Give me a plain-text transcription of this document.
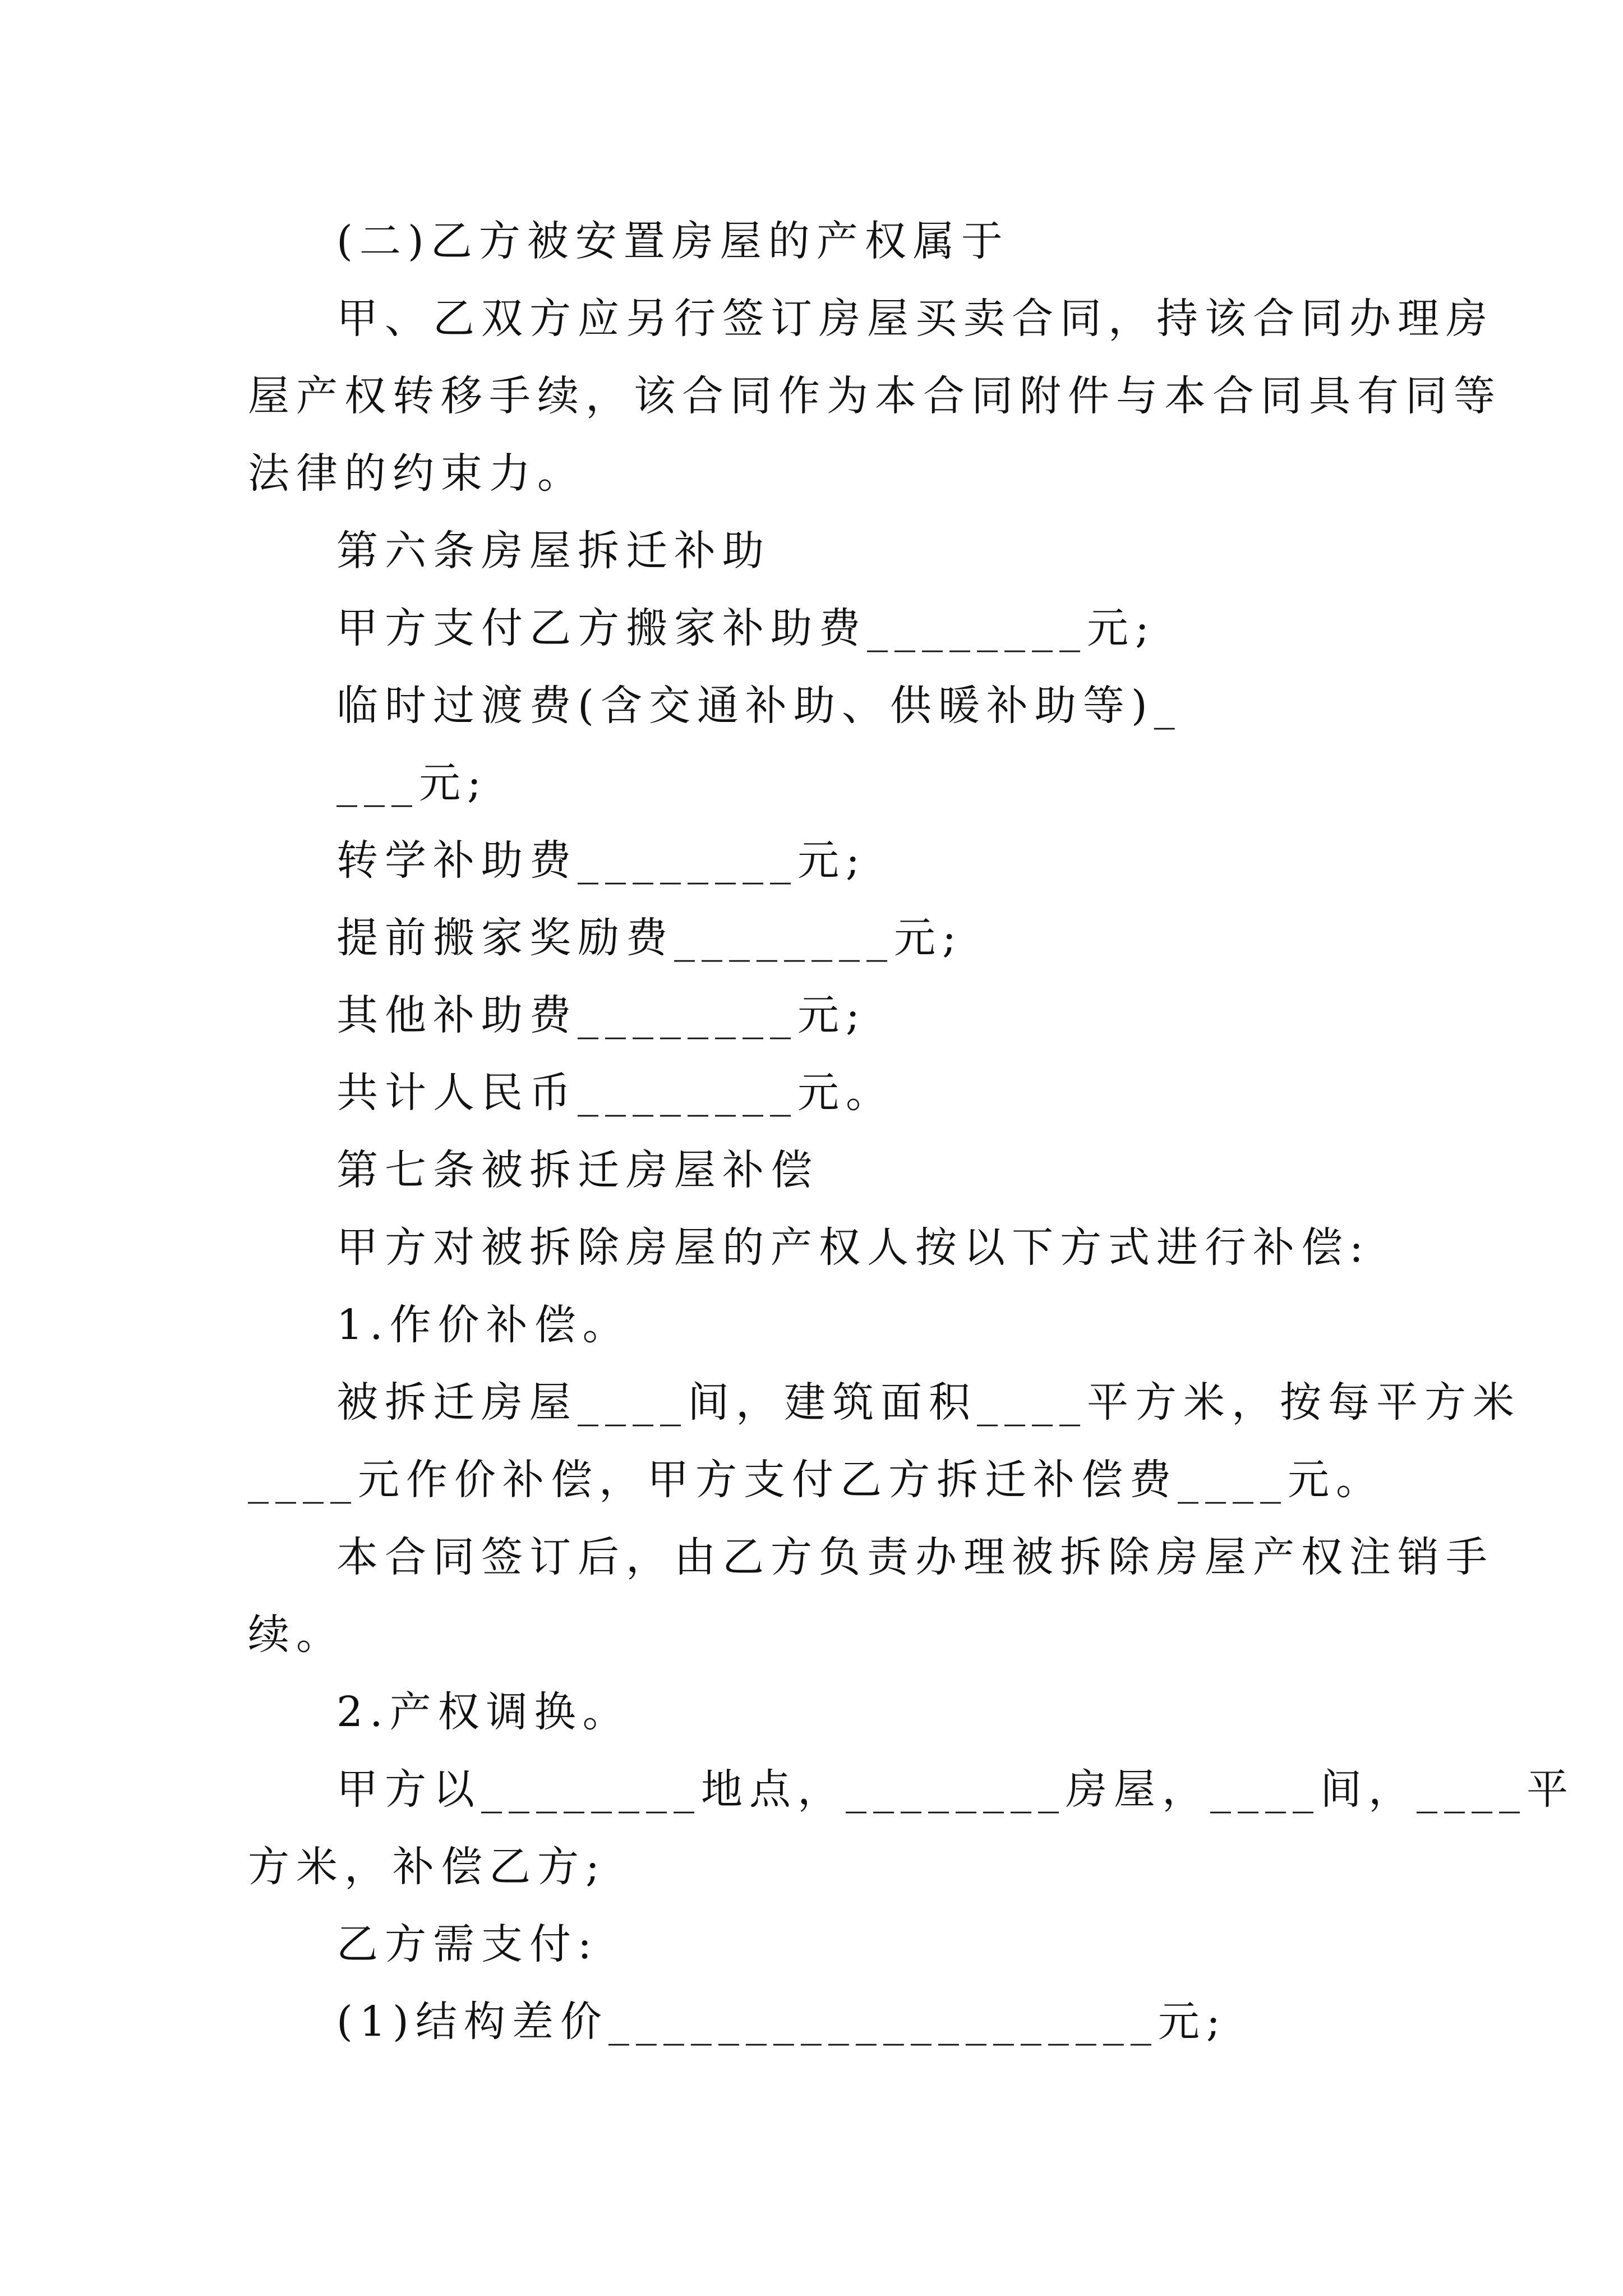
(二)乙方被安置房屋的产权属于
甲、乙双方应另行签订房屋买卖合同，持该合同办理房
屋产权转移手续，该合同作为本合同附件与本合同具有同等
法律的约束力。
第六条房屋拆迁补助
甲方支付乙方搬家补助费________元;
临时过渡费(含交通补助、供暖补助等)_
___元;
转学补助费________元;
提前搬家奖励费________元;
其他补助费________元;
共计人民币________元。
第七条被拆迁房屋补偿
甲方对被拆除房屋的产权人按以下方式进行补偿:
1.作价补偿。
被拆迁房屋____间，建筑面积____平方米，按每平方米
____元作价补偿，甲方支付乙方拆迁补偿费____元。
本合同签订后，由乙方负责办理被拆除房屋产权注销手
续。
2.产权调换。
甲方以________地点，________房屋，____间，____平
方米，补偿乙方;
乙方需支付:
(1)结构差价____________________元;
